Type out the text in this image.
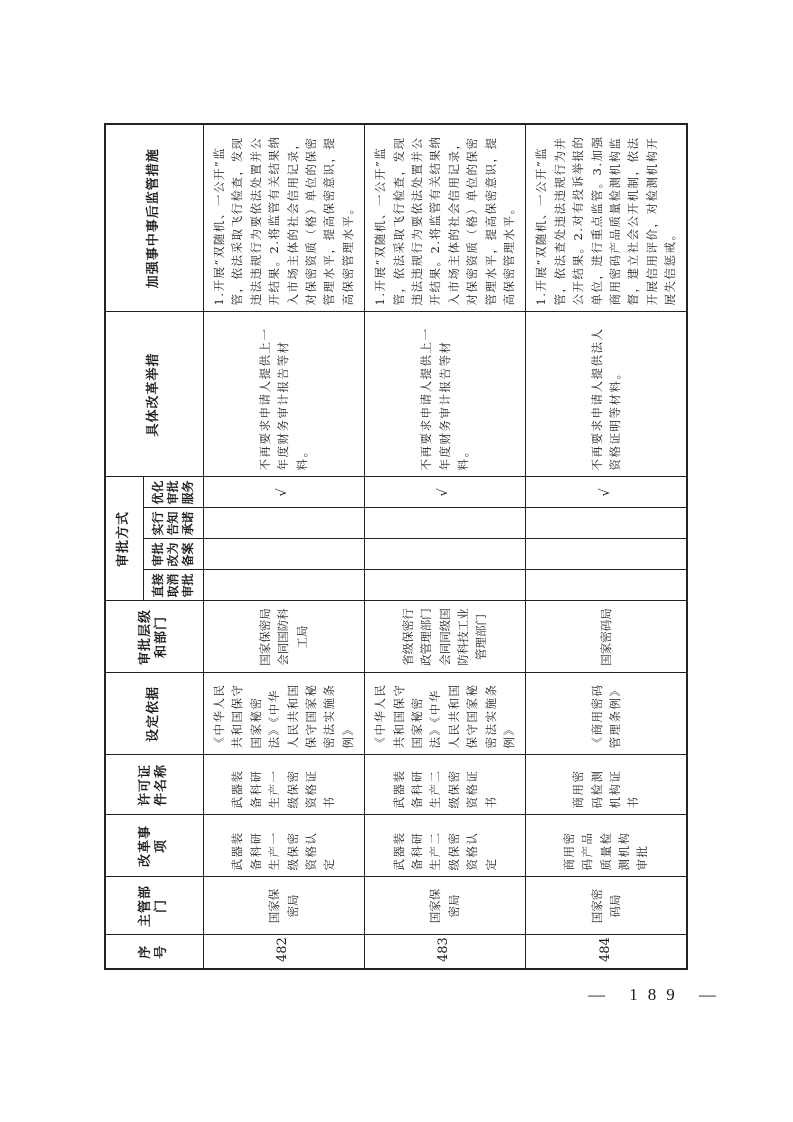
序号	主管部门	改革事项	许可证件名称	设定依据	审批层级和部门	审批方式				具体改革举措	加强事中事后监管措施
						直接取消审批	审批改为备案	实行告知承诺	优化审批服务		
482	国家保密局	武器装备科研生产一级保密资格认定	武器装备科研生产一级保密资格证书	《中华人民共和国保守国家秘密法》《中华人民共和国保守国家秘密法实施条例》	国家保密局会同国防科工局				√	不再要求申请人提供上一年度财务审计报告等材料。	1.开展“双随机、一公开”监管，依法采取飞行检查，发现违法违规行为要依法处置并公开结果。2.将监管有关结果纳入市场主体的社会信用记录，对保密资质（格）单位的保密管理水平，提高保密意识，提高保密管理水平。
483	国家保密局	武器装备科研生产二级保密资格认定	武器装备科研生产二级保密资格证书	《中华人民共和国保守国家秘密法》《中华人民共和国保守国家秘密法实施条例》	省级保密行政管理部门会同同级国防科技工业管理部门				√	不再要求申请人提供上一年度财务审计报告等材料。	1.开展“双随机、一公开”监管，依法采取飞行检查，发现违法违规行为要依法处置并公开结果。2.将监管有关结果纳入市场主体的社会信用记录，对保密资质（格）单位的保密管理水平，提高保密意识，提高保密管理水平。
484	国家密码局	商用密码产品质量检测机构审批	商用密码检测机构证书	《商用密码管理条例》	国家密码局				√	不再要求申请人提供法人资格证明等材料。	1.开展“双随机、一公开”监管，依法查处违法违规行为并公开结果。2.对有投诉举报的单位，进行重点监管。3.加强商用密码产品质量检测机构监督，建立社会公开机制，依法开展信用评价，对检测机构开展失信惩戒。
— 189 —
